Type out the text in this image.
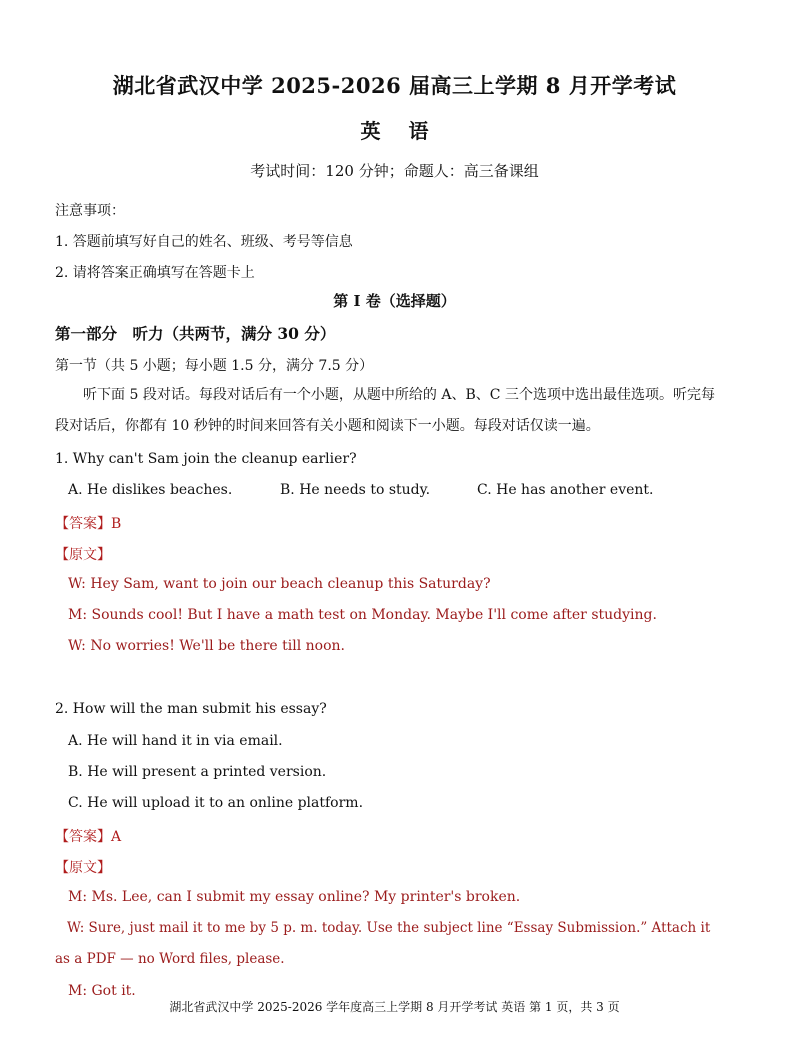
湖北省武汉中学 2025-2026 届高三上学期 8 月开学考试
英语
考试时间：120 分钟；命题人：高三备课组
注意事项：
1. 答题前填写好自己的姓名、班级、考号等信息
2. 请将答案正确填写在答题卡上
第 I 卷（选择题）
第一部分　听力（共两节，满分 30 分）
第一节（共 5 小题；每小题 1.5 分，满分 7.5 分）
听下面 5 段对话。每段对话后有一个小题，从题中所给的 A、B、C 三个选项中选出最佳选项。听完每段对话后，你都有 10 秒钟的时间来回答有关小题和阅读下一小题。每段对话仅读一遍。
1. Why can't Sam join the cleanup earlier?
A. He dislikes beaches.	B. He needs to study.	C. He has another event.
【答案】B
【原文】
W: Hey Sam, want to join our beach cleanup this Saturday?
M: Sounds cool! But I have a math test on Monday. Maybe I'll come after studying.
W: No worries! We'll be there till noon.
2. How will the man submit his essay?
A. He will hand it in via email.
B. He will present a printed version.
C. He will upload it to an online platform.
【答案】A
【原文】
M: Ms. Lee, can I submit my essay online? My printer's broken.
W: Sure, just mail it to me by 5 p. m. today. Use the subject line “Essay Submission.” Attach it as a PDF — no Word files, please.
M: Got it.
湖北省武汉中学 2025-2026 学年度高三上学期 8 月开学考试 英语 第 1 页，共 3 页
